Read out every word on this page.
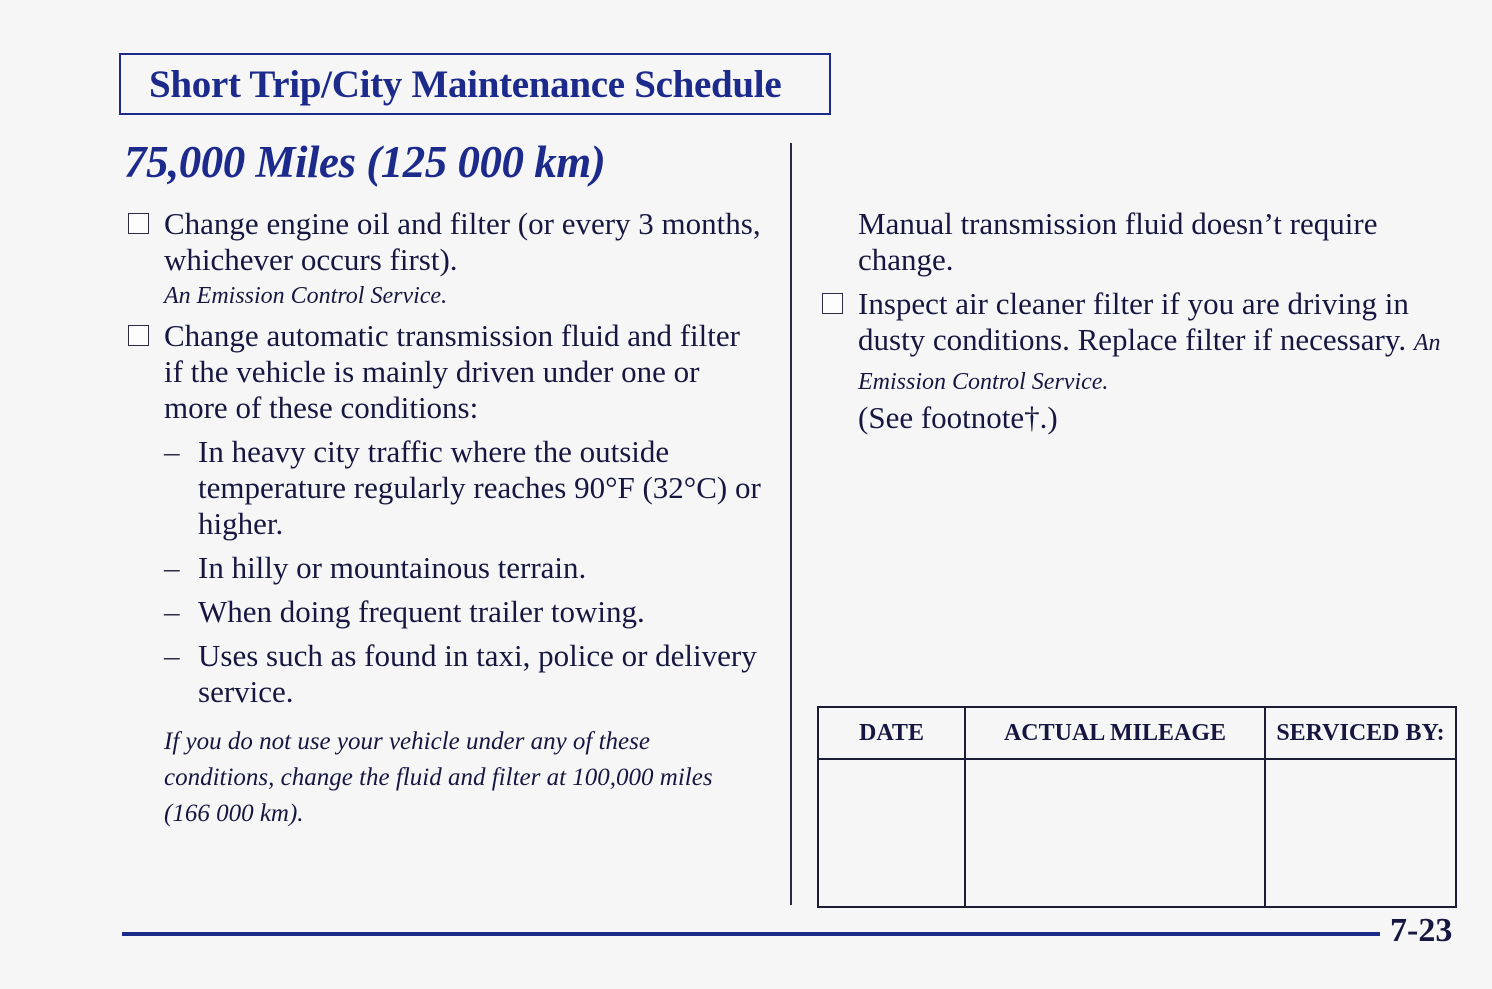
Short Trip/City Maintenance Schedule
75,000 Miles (125 000 km)
Change engine oil and filter (or every 3 months, whichever occurs first).
An Emission Control Service.
Change automatic transmission fluid and filter if the vehicle is mainly driven under one or more of these conditions:
– In heavy city traffic where the outside temperature regularly reaches 90°F (32°C) or higher.
– In hilly or mountainous terrain.
– When doing frequent trailer towing.
– Uses such as found in taxi, police or delivery service.
If you do not use your vehicle under any of these conditions, change the fluid and filter at 100,000 miles (166 000 km).
Manual transmission fluid doesn’t require change.
Inspect air cleaner filter if you are driving in dusty conditions. Replace filter if necessary. An Emission Control Service.
(See footnote†.)
DATE	ACTUAL MILEAGE	SERVICED BY:
7-23
